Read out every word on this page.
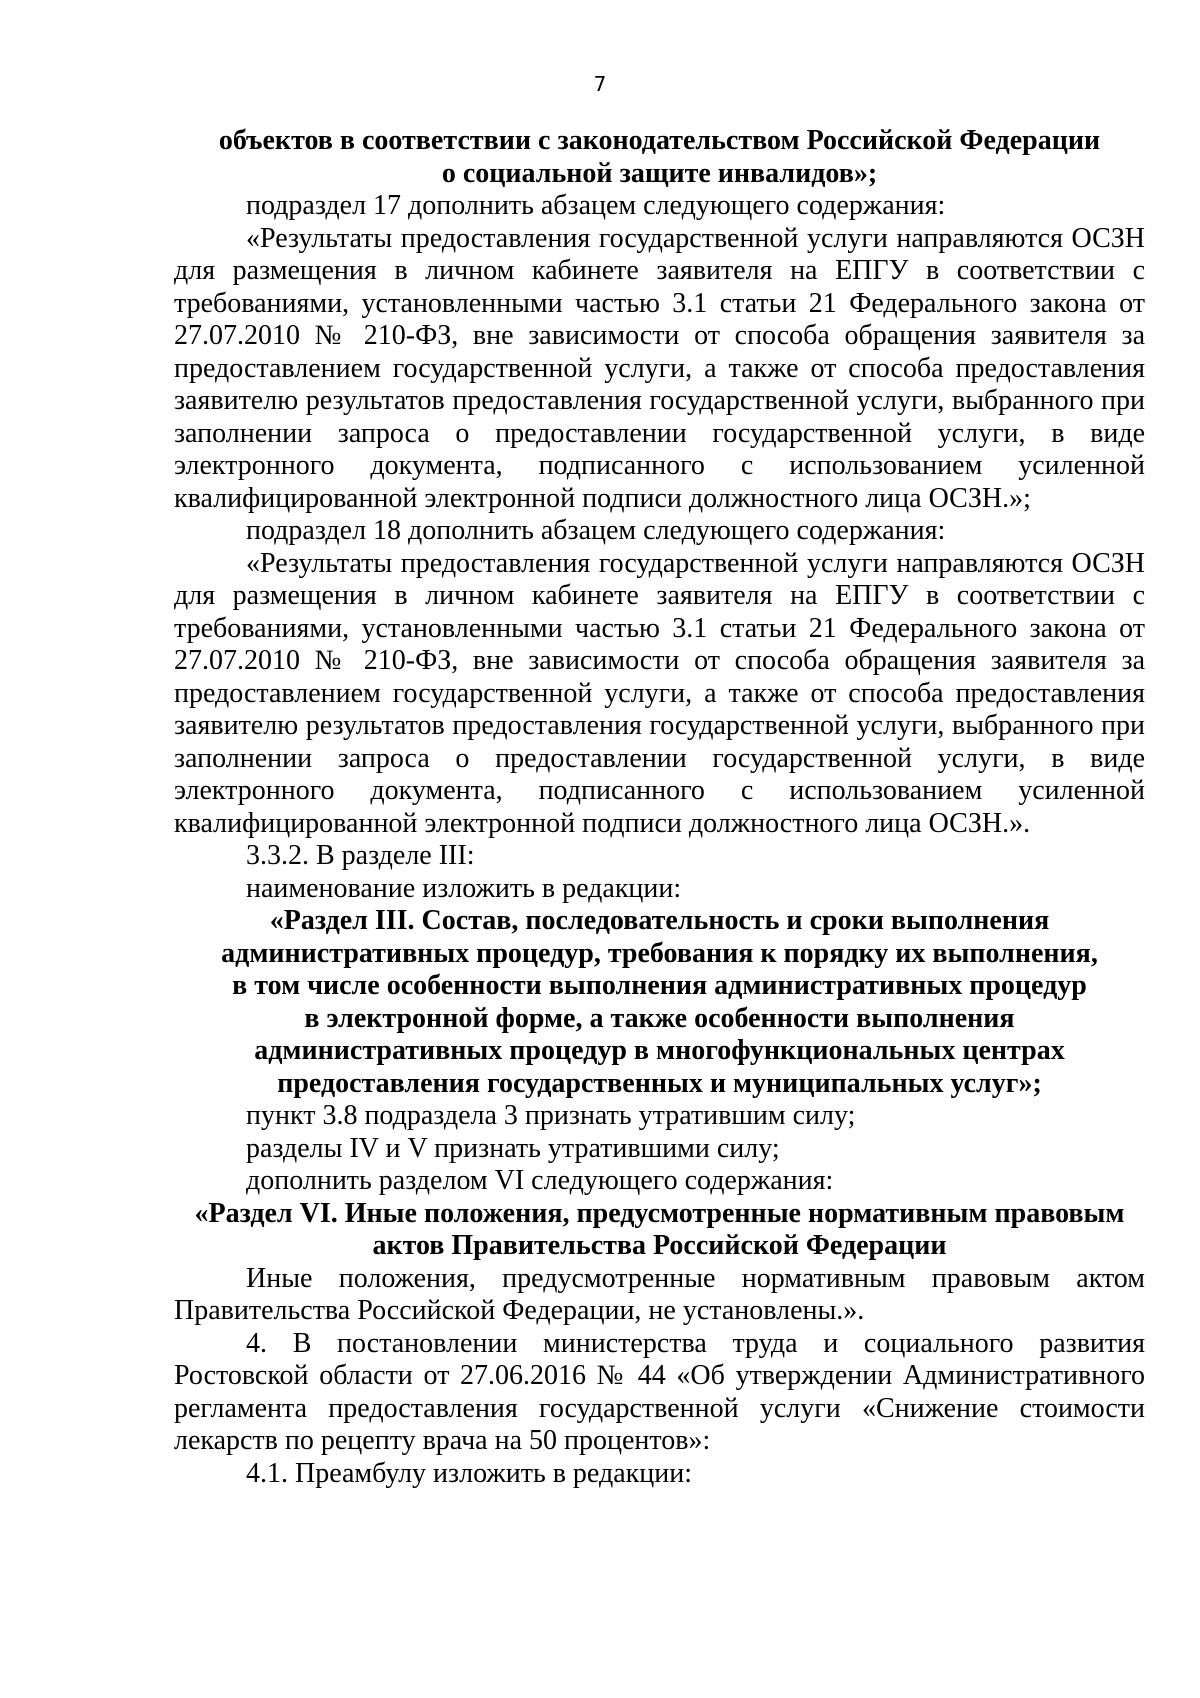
7
объектов в соответствии с законодательством Российской Федерации
о социальной защите инвалидов»;

подраздел 17 дополнить абзацем следующего содержания:

«Результаты предоставления государственной услуги направляются ОСЗН для размещения в личном кабинете заявителя на ЕПГУ в соответствии с требованиями, установленными частью 3.1 статьи 21 Федерального закона от 27.07.2010 № 210-ФЗ, вне зависимости от способа обращения заявителя за предоставлением государственной услуги, а также от способа предоставления заявителю результатов предоставления государственной услуги, выбранного при заполнении запроса о предоставлении государственной услуги, в виде электронного документа, подписанного с использованием усиленной квалифицированной электронной подписи должностного лица ОСЗН.»;

подраздел 18 дополнить абзацем следующего содержания:

«Результаты предоставления государственной услуги направляются ОСЗН для размещения в личном кабинете заявителя на ЕПГУ в соответствии с требованиями, установленными частью 3.1 статьи 21 Федерального закона от 27.07.2010 № 210-ФЗ, вне зависимости от способа обращения заявителя за предоставлением государственной услуги, а также от способа предоставления заявителю результатов предоставления государственной услуги, выбранного при заполнении запроса о предоставлении государственной услуги, в виде электронного документа, подписанного с использованием усиленной квалифицированной электронной подписи должностного лица ОСЗН.».

3.3.2. В разделе III:

наименование изложить в редакции:

«Раздел III. Состав, последовательность и сроки выполнения
административных процедур, требования к порядку их выполнения,
в том числе особенности выполнения административных процедур
в электронной форме, а также особенности выполнения
административных процедур в многофункциональных центрах
предоставления государственных и муниципальных услуг»;

пункт 3.8 подраздела 3 признать утратившим силу;

разделы IV и V признать утратившими силу;

дополнить разделом VI следующего содержания:

«Раздел VI. Иные положения, предусмотренные нормативным правовым
актов Правительства Российской Федерации

Иные положения, предусмотренные нормативным правовым актом Правительства Российской Федерации, не установлены.».

4. В постановлении министерства труда и социального развития Ростовской области от 27.06.2016 № 44 «Об утверждении Административного регламента предоставления государственной услуги «Снижение стоимости лекарств по рецепту врача на 50 процентов»:

4.1. Преамбулу изложить в редакции:
